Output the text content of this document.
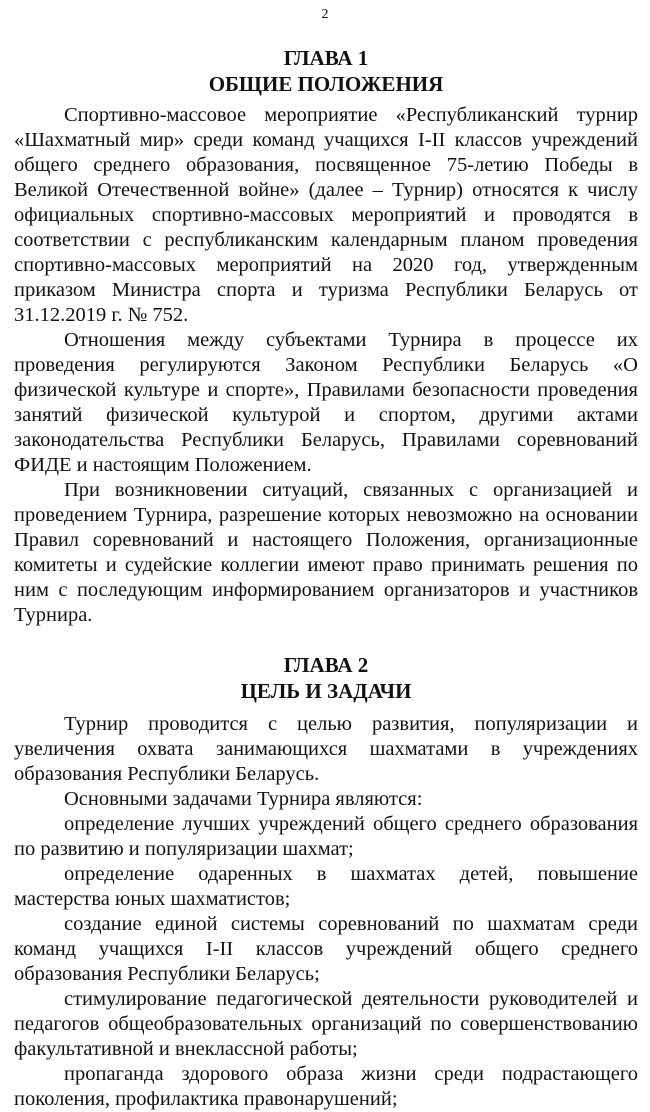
2
ГЛАВА 1
ОБЩИЕ ПОЛОЖЕНИЯ

Спортивно-массовое мероприятие «Республиканский турнир «Шахматный мир» среди команд учащихся I-II классов учреждений общего среднего образования, посвященное 75-летию Победы в Великой Отечественной войне» (далее – Турнир) относятся к числу официальных спортивно-массовых мероприятий и проводятся в соответствии с республиканским календарным планом проведения спортивно-массовых мероприятий на 2020 год, утвержденным приказом Министра спорта и туризма Республики Беларусь от 31.12.2019 г. № 752.

Отношения между субъектами Турнира в процессе их проведения регулируются Законом Республики Беларусь «О физической культуре и спорте», Правилами безопасности проведения занятий физической культурой и спортом, другими актами законодательства Республики Беларусь, Правилами соревнований ФИДЕ и настоящим Положением.

При возникновении ситуаций, связанных с организацией и проведением Турнира, разрешение которых невозможно на основании Правил соревнований и настоящего Положения, организационные комитеты и судейские коллегии имеют право принимать решения по ним с последующим информированием организаторов и участников Турнира.

ГЛАВА 2
ЦЕЛЬ И ЗАДАЧИ

Турнир проводится с целью развития, популяризации и увеличения охвата занимающихся шахматами в учреждениях образования Республики Беларусь.

Основными задачами Турнира являются:

определение лучших учреждений общего среднего образования по развитию и популяризации шахмат;

определение одаренных в шахматах детей, повышение мастерства юных шахматистов;

создание единой системы соревнований по шахматам среди команд учащихся I-II классов учреждений общего среднего образования Республики Беларусь;

стимулирование педагогической деятельности руководителей и педагогов общеобразовательных организаций по совершенствованию факультативной и внеклассной работы;

пропаганда здорового образа жизни среди подрастающего поколения, профилактика правонарушений;
